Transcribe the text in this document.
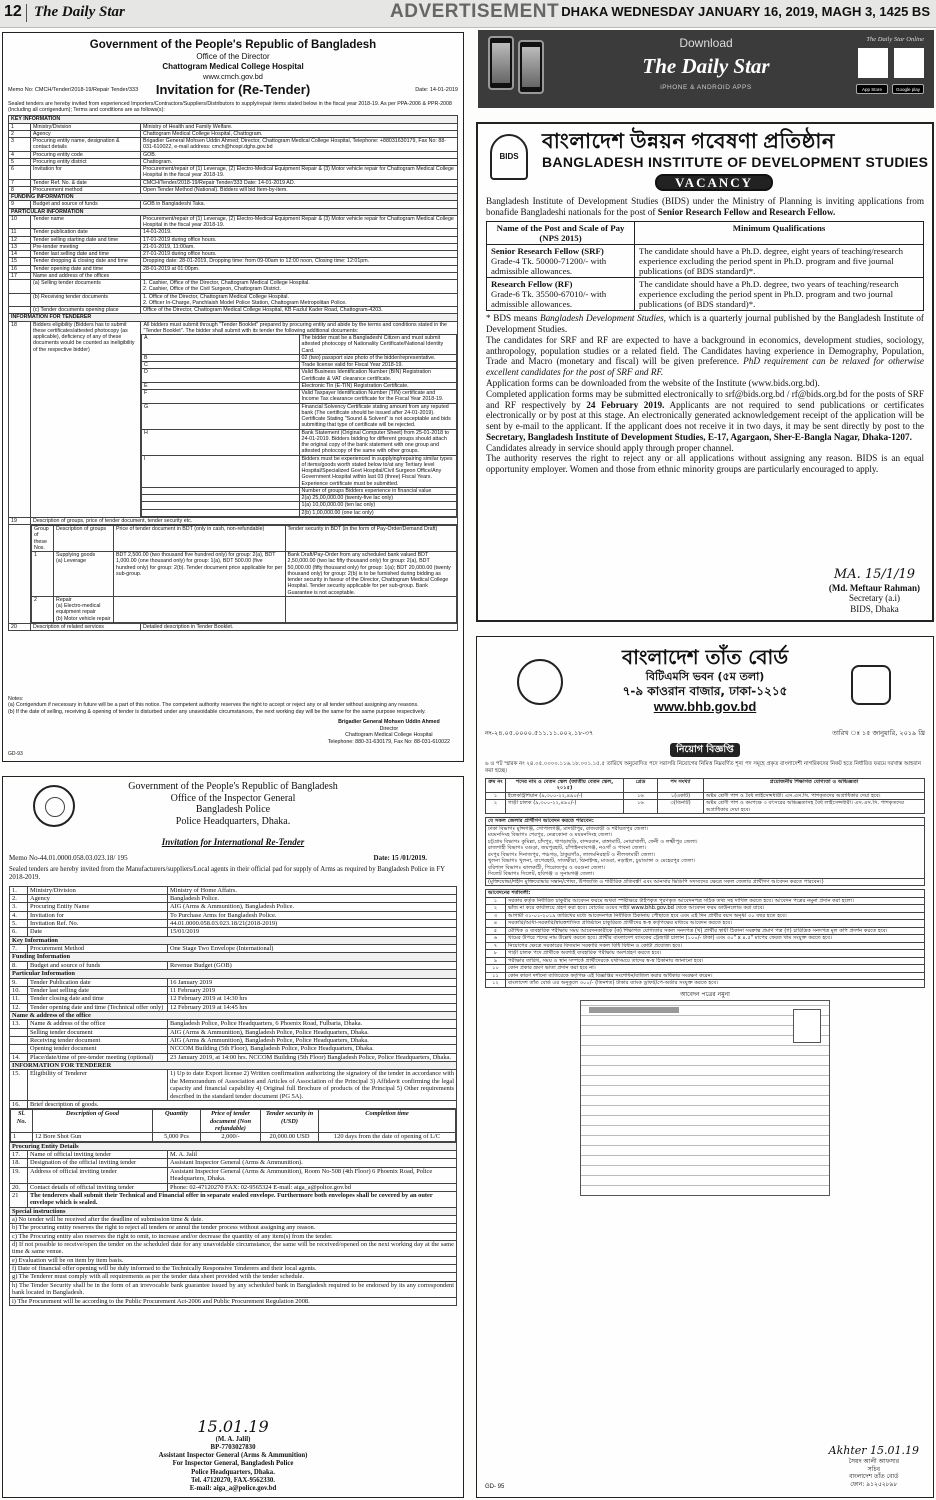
12 The Daily Star	ADVERTISEMENT DHAKA WEDNESDAY JANUARY 16, 2019, MAGH 3, 1425 BS
Government of the People's Republic of Bangladesh
Office of the Director
Chattogram Medical College Hospital
www.cmch.gov.bd
Memo No: CMCH/Tender/2018-19/Repair Tender/333	Invitation for (Re-Tender)	Date: 14-01-2019
Sealed tenders are hereby invited from experienced Importers/Contractors/Suppliers/Distributors to supply/repair items stated below in the fiscal year 2018-19. As per PPA-2006 & PPR-2008 (Including all corrigendum); Terms and conditions are as follows(s):
KEY INFORMATION
1	Ministry/Division	Ministry of Health and Family Welfare.
2	Agency	Chattogram Medical College Hospital, Chattogram.
3	Procuring entity name, designation & contact details	Brigadier General Mohsen Uddin Ahmed; Director, Chattogram Medical College Hospital, Telephone: +88031630179, Fax No: 88-031-610022, e-mail address: cmch@hospi.dghs.gov.bd
4	Procuring entity code	GOB.
5	Procuring entity district	Chattogram.
6	Invitation for	Procurement/repair of (1) Leverage, (2) Electro-Medical Equipment Repair & (3) Motor vehicle repair for Chattogram Medical College Hospital in the fiscal year 2018-19.
7	Tender Ref. No. & date	CMCH/Tender/2018-19/Repair Tender/333 Date: 14-01-2019 AD.
8	Procurement method	Open Tender Method (National). Bidders will bid Item-by-item.
FUNDING INFORMATION
9	Budget and source of funds	GOB in Bangladeshi Taka.
PARTICULAR INFORMATION
10	Tender name	Procurement/repair of (1) Leverage, (2) Electro-Medical Equipment Repair & (3) Motor vehicle repair for Chattogram Medical College Hospital in the fiscal year 2018-19.
11	Tender publication date	14-01-2019.
12	Tender selling starting date and time	17-01-2019 during office hours.
13	Pre-tender meeting	21-01-2019, 11:00am.
14	Tender last selling date and time	27-01-2019 during office hours.
15	Tender dropping & closing date and time	Dropping date: 28-01-2019, Dropping time: from 09-00am to 12:00 noon, Closing time: 12:01pm.
16	Tender opening date and time	28-01-2019 at 01:00pm.
17	Name and address of the offices	
	(a) Selling tender documents	1. Cashier, Office of the Director, Chattogram Medical College Hospital.
2. Cashier, Office of the Civil Surgeon, Chattogram District.
	(b) Receiving tender documents	1. Office of the Director, Chattogram Medical College Hospital.
2. Officer In-Charge, Panchlaish Model Police Station, Chattogram Metropolitan Police.
	(c) Tender documents opening place	Office of the Director, Chattogram Medical College Hospital, KB Fazlul Kader Road, Chattogram-4203.
INFORMATION FOR TENDERER
18	Bidders eligibility (Bidders has to submit these certificates/attested photocopy (as applicable), deficiency of any of these documents would be counted as ineligibility of the respective bidder)	
All bidders must submit through "Tender Booklet" prepared by procuring entity and abide by the terms and conditions stated in the "Tender Booklet". The bidder shall submit with its tender the following additional documents:
A	The bidder must be a Bangladeshi Citizen and must submit attested photocopy of Nationality Certificate/National Identity Card.
B	02 (two) passport size photo of the bidder/representative.
C	Trade license valid for Fiscal Year 2018-19.
D	Valid Business Identification Number (BIN) Registration Certificate & VAT clearance certificate.
E	Electronic Tin (E-TIN) Registration Certificate.
F	Valid Taxpayer Identification Number (TIN) certificate and Income Tax clearance certificate for the Fiscal Year 2018-19.
G	Financial Solvency Certificate stating amount from any reputed bank (The certificate should be issued after 24-01-2019). Certificate Stating "Sound & Solvent" is not acceptable and bids submitting that type of certificate will be rejected.
H	Bank Statement (Original Computer Sheet) from 25-01-2018 to 24-01-2019. Bidders bidding for different groups should attach the original copy of the bank statement with one group and attested photocopy of the same with other groups.
I	Bidders must be experienced in supplying/repairing similar types of items/goods worth stated below to/at any Tertiary level Hospital/Specialized Govt Hospital/Civil Surgeon Office/Any Government Hospital within last 03 (three) Fiscal Years. Experience certificate must be submitted.
	Number of groups Bidders experience in financial value
	2(a) 25,00,000.00 (twenty-five lac only)
	1(a) 10,00,000.00 (ten lac only)
	2(b) 1,00,000.00 (one lac only)

19	Description of groups, price of tender document, tender security etc.

Group of these Nos.	Description of groups	Price of tender document in BDT (only in cash, non-refundable)	Tender security in BDT (in the form of Pay-Order/Demand Draft)
1	Supplying goods
(a) Leverage	BDT 2,500.00 (two thousand five hundred only) for group: 2(a), BDT 1,000.00 (one thousand only) for group: 1(a), BDT 500.00 (five hundred only) for group: 2(b). Tender document price applicable for per sub-group.	Bank Draft/Pay-Order from any scheduled bank valued BDT 2,50,000.00 (two lac fifty thousand only) for group: 2(a), BDT 50,000.00 (fifty thousand only) for group: 1(a); BDT 20,000.00 (twenty thousand only) for group: 2(b) is to be furnished during bidding as tender security in favour of the Director, Chattogram Medical College Hospital. Tender security applicable for per sub-group. Bank Guarantee is not acceptable.
2	Repair
(a) Electro-medical equipment repair
(b) Motor vehicle repair		

20	Description of related services	Detailed description in Tender Booklet.
Notes:
(a) Corrigendum if necessary in future will be a part of this notice. The competent authority reserves the right to accept or reject any or all tender without assigning any reasons.
(b) If the date of selling, receiving & opening of tender is disturbed under any unavoidable circumstances, the next working day will be the same for the same purpose respectively.
GD-93
Brigadier General Mohsen Uddin Ahmed
Director
Chattogram Medical College Hospital
Telephone: 880-31-630179, Fax No: 88-031-610022
Download
The Daily Star
iPHONE & ANDROID APPS
The Daily Star Online
App Store	Google play
BIDS
বাংলাদেশ উন্নয়ন গবেষণা প্রতিষ্ঠান
BANGLADESH INSTITUTE OF DEVELOPMENT STUDIES
VACANCY

Bangladesh Institute of Development Studies (BIDS) under the Ministry of Planning is inviting applications from bonafide Bangladeshi nationals for the post of Senior Research Fellow and Research Fellow.

Name of the Post and Scale of Pay (NPS 2015)	Minimum Qualifications
Senior Research Fellow (SRF)
Grade-4 Tk. 50000-71200/- with admissible allowances.	The candidate should have a Ph.D. degree, eight years of teaching/research experience excluding the period spent in Ph.D. program and five journal publications (of BDS standard)*.
Research Fellow (RF)
Grade-6 Tk. 35500-67010/- with admissible allowances.	The candidate should have a Ph.D. degree, two years of teaching/research experience excluding the period spent in Ph.D. program and two journal publications (of BDS standard)*.

* BDS means Bangladesh Development Studies, which is a quarterly journal published by the Bangladesh Institute of Development Studies.

The candidates for SRF and RF are expected to have a background in economics, development studies, sociology, anthropology, population studies or a related field. The Candidates having experience in Demography, Population, Trade and Macro (monetary and fiscal) will be given preference. PhD requirement can be relaxed for otherwise excellent candidates for the post of SRF and RF.

Application forms can be downloaded from the website of the Institute (www.bids.org.bd).

Completed application forms may be submitted electronically to srf@bids.org.bd / rf@bids.org.bd for the posts of SRF and RF respectively by 24 February 2019. Applicants are not required to send publications or certificates electronically or by post at this stage. An electronically generated acknowledgement receipt of the application will be sent by e-mail to the applicant. If the applicant does not receive it in two days, it may be sent directly by post to the Secretary, Bangladesh Institute of Development Studies, E-17, Agargaon, Sher-E-Bangla Nagar, Dhaka-1207.

Candidates already in service should apply through proper channel.

The authority reserves the right to reject any or all applications without assigning any reason. BIDS is an equal opportunity employer. Women and those from ethnic minority groups are particularly encouraged to apply.

MA. 15/1/19
(Md. Meftaur Rahman)
Secretary (a.i)
BIDS, Dhaka
Government of the People's Republic of Bangladesh
Office of the Inspector General
Bangladesh Police
Police Headquarters, Dhaka.
Invitation for International Re-Tender
Memo No-44.01.0000.058.03.023.18/ 195	Date: 15 /01/2019.
Sealed tenders are hereby invited from the Manufacturers/suppliers/Local agents in their official pad for supply of Arms as required by Bangladesh Police in FY 2018-2019.
1.	Ministry/Division	Ministry of Home Affairs.
2.	Agency	Bangladesh Police.
3.	Procuring Entity Name	AIG (Arms & Ammunition), Bangladesh Police.
4.	Invitation for	To Purchase Arms for Bangladesh Police.
5.	Invitation Ref. No.	44.01.0000.058.03.023.18/21(2018-2019)
6.	Date	15/01/2019
Key Information
7.	Procurement Method	One Stage Two Envelope (International)
Funding Information
8.	Budget and source of funds	Revenue Budget (GOB)
Particular Information
9.	Tender Publication date	16 January 2019
10.	Tender last selling date	11 February 2019
11.	Tender closing date and time	12 February 2019 at 14:30 hrs
12.	Tender opening date and time (Technical offer only)	12 February 2019 at 14:45 hrs
Name & address of the office
13.	Name & address of the office	Bangladesh Police, Police Headquarters, 6 Phoenix Road, Fulbaria, Dhaka.
	Selling tender document	AIG (Arms & Ammunition), Bangladesh Police, Police Headquarters, Dhaka.
	Receiving tender document	AIG (Arms & Ammunition), Bangladesh Police, Police Headquarters, Dhaka.
	Opening tender document	NCCOM Building (5th Floor), Bangladesh Police, Police Headquarters, Dhaka.
14.	Place/date/time of pre-tender meeting (optional)	23 January 2019, at 14:00 hrs. NCCOM Building (5th Floor) Bangladesh Police, Police Headquarters, Dhaka.
INFORMATION FOR TENDERER
15.	Eligibility of Tenderer	1) Up to date Export license 2) Written confirmation authorizing the signatory of the tender in accordance with the Memorandum of Association and Articles of Association of the Principal 3) Affidavit confirming the legal capacity and financial capability 4) Original full Brochure of products of the Principal 5) Other requirements described in the standard tender document (PG 5A).
16.	Brief description of goods.

Sl. No.	Description of Good	Quantity	Price of tender document (Non refundable)	Tender security in (USD)	Completion time
1	12 Bore Shot Gun	5,000 Pcs	2,000/-	20,000.00 USD	120 days from the date of opening of L/C

Procuring Entity Details
17.	Name of official inviting tender	M. A. Jalil
18.	Designation of the official inviting tender	Assistant Inspector General (Arms & Ammunition).
19.	Address of official inviting tender	Assistant Inspector General (Arms & Ammunition), Room No-508 (4th Floor) 6 Phoenix Road, Police Headquarters, Dhaka.
20.	Contact details of official inviting tender	Phone: 02-47120270 FAX: 02-9565324 E-mail: aiga_a@police.gov.bd
21	The tenderers shall submit their Technical and Financial offer in separate sealed envelope. Furthermore both envelopes shall be covered by an outer envelope which is sealed.
Special instructions
a) No tender will be received after the deadline of submission time & date.
b) The procuring entity reserves the right to reject all tenders or annul the tender process without assigning any reason.
c) The Procuring entity also reserves the right to omit, to increase and/or decrease the quantity of any item(s) from the tender.
d) If not possible to receive/open the tender on the scheduled date for any unavoidable circumstance, the same will be received/opened on the next working day at the same time & same venue.
e) Evaluation will be on item by item basis.
f) Date of financial offer opening will be duly informed to the Technically Responsive Tenderers and their local agents.
g) The Tenderer must comply with all requirements as per the tender data sheet provided with the tender schedule.
h) The Tender Security shall be in the form of an irrevocable bank guarantee issued by any scheduled bank in Bangladesh required to be endorsed by its any correspondent bank located in Bangladesh.
i) The Procurement will be according to the Public Procurement Act-2006 and Public Procurement Regulation 2008.
15.01.19
(M. A. Jalil)
BP-7703027830
Assistant Inspector General (Arms & Ammunition)
For Inspector General, Bangladesh Police
Police Headquarters, Dhaka.
Tel. 47120270, FAX-9562330.
E-mail: aiga_a@police.gov.bd
বাংলাদেশ তাঁত বোর্ড
বিটিএমসি ভবন (৫ম তলা)
৭-৯ কাওরান বাজার, ঢাকা-১২১৫
www.bhb.gov.bd
নং-২৪.০৫.০০০০.৫১১.১১.০০২.১৮-৩৭	তারিখ ঃ ১৫ জানুয়ারি, ২০১৯ খ্রি
নিয়োগ বিজ্ঞপ্তি
৬ ও পট স্মারক নং ২৪.০৫.০০০০.১১৬.১৮.০০১.১৫.৫ তারিখে অনুমোদিত পদে সরাসরি নিয়োগের নিমিত্ত নিম্নবর্ণিত শূন্য পদ সমূহে প্রকৃত বাংলাদেশী নাগরিকদের নিকট হতে নির্ধারিত ফরমে দরখাস্ত আহবান করা হচ্ছে।
ক্রম নং	পদের নাম ও বেতন স্কেল (জাতীয় বেতন স্কেল, ২০১৫)	গ্রেড	পদ সংখ্যা	প্রয়োজনীয় শিক্ষাগত যোগ্যতা ও অভিজ্ঞতা
১	ইলেকট্রিশিয়ান (৯,৩০০-২২,৪৯০/-)	১৬	১(একটি)	অষ্টম শ্রেণী পাশ ও বৈধ লাইসেন্সধারী। এস.এস.সি. পাশকৃতদের অগ্রাধিকার দেয়া হবে।
২	গাড়ী চালক (৯,৩০০-২২,৪৯০/-)	১৬	৩(তিনটি)	অষ্টম শ্রেণী পাশ ও কমপক্ষে ৩ বৎসরের অভিজ্ঞতাসহ বৈধ লাইসেন্সধারী। এস.এস.সি. পাশকৃতদের অগ্রাধিকার দেয়া হবে।
যে সকল জেলার প্রার্থীগণ আবেদন করতে পারবেন:

ঢাকা বিভাগঃ মুন্সিগঞ্জ, গোপালগঞ্জ, মাদারীপুর, রাজবাড়ী ও শরীয়তপুর জেলা।
ময়মনসিংহ বিভাগঃ শেরপুর, নেত্রকোনা ও ময়মনসিংহ জেলা।
চট্টগ্রাম বিভাগঃ কুমিল্লা, চাঁদপুর, খাগড়াছড়ি, বান্দরবান, রাঙ্গামাটি, নোয়াখালী, ফেনী ও লক্ষ্মীপুর জেলা।
রাজশাহী বিভাগঃ বগুড়া, জয়পুরহাট, চাঁপাইনবাবগঞ্জ, নওগাঁ ও পাবনা জেলা।
রংপুর বিভাগঃ দিনাজপুর, পঞ্চগড়, ঠাকুরগাঁও, লালমনিরহাট ও নীলফামারী জেলা।
খুলনা বিভাগঃ খুলনা, বাগেরহাট, সাতক্ষীরা, ঝিনাইদহ, মাগুরা, নড়াইল, চুয়াডাঙ্গা ও মেহেরপুর জেলা।
বরিশাল বিভাগঃ ঝালকাঠী, পিরোজপুর ও বরগুনা জেলা।
সিলেট বিভাগঃ সিলেট, হবিগঞ্জ ও সুনামগঞ্জ জেলা।

(মুক্তিযোদ্ধা/শহীদ মুক্তিযোদ্ধার সন্তান/পোষ্য, উপজাতি ও শারীরিক প্রতিবন্ধী এবং আনসার ভিডিপি সদস্যদের ক্ষেত্রে সকল জেলার প্রার্থীগণ আবেদন করতে পারবেন।)
আবেদনের শর্তাবলী:	
১	সরকার কর্তৃক নির্ধারিত চাকুরীর আবেদন ফরমে অথবা স্পষ্টাক্ষরে টাইপকৃত পূরণকৃত আবেদনপত্র সঠিক তথ্য সহ দাখিল করতে হবে। আবেদন পত্রের নমুনা প্রদান করা হলো।
২	ভাঁজ না করে কার্যালয়ে গ্রহণ করা হবে। বোর্ডের ওয়েব সাইট www.bhb.gov.bd থেকে আবেদন ফরম ডাউনলোড করা যাবে।
৩	আগামী ৩১-০১-২০১৯ তারিখের মধ্যে আবেদনপত্র নির্ধারিত ঠিকানায় পৌছাতে হবে এবং এই দিন প্রার্থীর বয়স অনূর্ধ্ব ৩০ বছর হতে হবে।
৪	সরকারি/আধা-সরকারি/স্বায়ত্তশাসিত প্রতিষ্ঠানে চাকুরিরত প্রার্থীদের স্ব-স্ব কর্তৃপক্ষের মাধ্যমে আবেদন করতে হবে।
৫	মৌখিক ও ব্যবহারিক পরীক্ষায় সময় আবেদনকারীকে (ক) শিক্ষাগত যোগ্যতার সকল সনদপত্র (খ) প্রার্থীর স্থায়ী ঠিকানা সংক্রান্ত প্রমাণ পত্র (গ) চারিত্রিক সনদপত্র মূল কপি প্রদর্শন করতে হবে।
৬	খামের উপরে পদের নাম উল্লেখ করতে হবে। প্রার্থীর বাংলাদেশ ব্যাংকের ট্রেজারী চালান (১০০/- টাকা) এবং ৩০" x ৪.৫" মাপের ফেরত খাম সংযুক্ত করতে হবে।
৭	নিয়োগের ক্ষেত্রে সরকারের বিদ্যমান সরকারি সকল বিধি বিধান ও কোটা প্রযোজ্য হবে।
৮	গাড়ী চালক পদে প্রার্থীকে অবশ্যই ব্যবহারিক পরীক্ষায় অংশগ্রহণ করতে হবে।
৯	পরীক্ষার তারিখ, সময় ও স্থান সম্পর্কে প্রার্থীদেরকে যথাসময়ে তাদের স্ব-স্ব ঠিকানায় জানানো হবে।
১০	কোন প্রকার ভ্রমণ ভাতা প্রদান করা হবে না।
১১	কোন কারণ দর্শানো ব্যতিরেকে কর্তৃপক্ষ এই বিজ্ঞপ্তির সংশোধন/বাতিল করার অধিকার সংরক্ষণ করেন।
১২	বাংলাদেশ তাঁত বোর্ড এর অনুকূলে ৩০০/- (তিনশত) টাকার ব্যাংক ড্রাফট/পে-অর্ডার সংযুক্ত করতে হবে।
আবেদন পত্রের নমুনা
Akhter 15.01.19
সৈয়দ আলী আফসার
সচিব
বাংলাদেশ তাঁত বোর্ড
ফোন: ৯১২৫২৮৯৮
GD- 95
